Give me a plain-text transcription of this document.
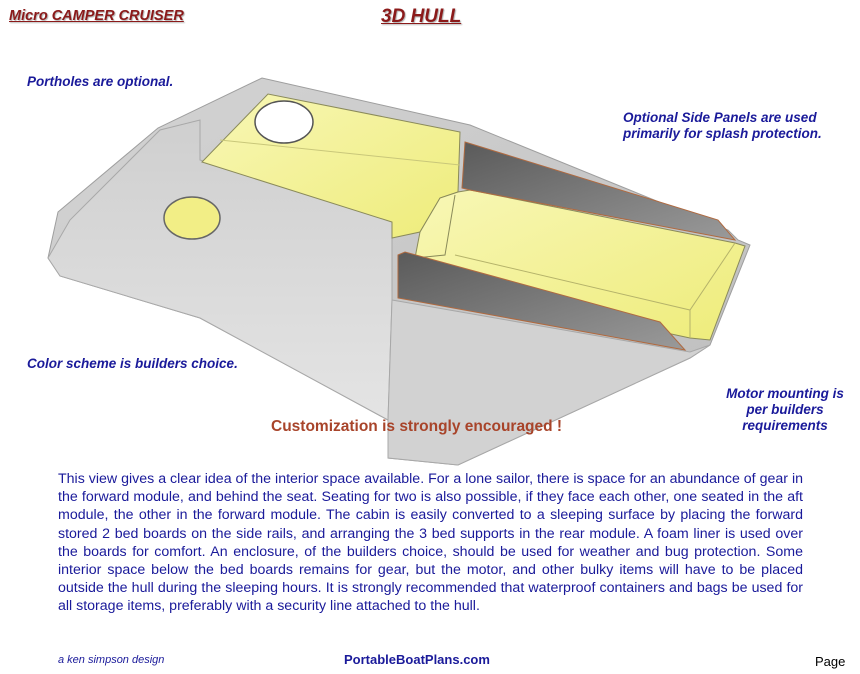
Micro CAMPER CRUISER	3D HULL
Portholes are optional.
Optional Side Panels are used primarily for splash protection.
Color scheme is builders choice.
Motor mounting is per builders requirements
Customization is strongly encouraged !

This view gives a clear idea of the interior space available. For a lone sailor, there is space for an abundance of gear in the forward module, and behind the seat. Seating for two is also possible, if they face each other, one seated in the aft module, the other in the forward module. The cabin is easily converted to a sleeping surface by placing the forward stored 2 bed boards on the side rails, and arranging the 3 bed supports in the rear module. A foam liner is used over the boards for comfort. An enclosure, of the builders choice, should be used for weather and bug protection. Some interior space below the bed boards remains for gear, but the motor, and other bulky items will have to be placed outside the hull during the sleeping hours. It is strongly recommended that waterproof containers and bags be used for all storage items, preferably with a security line attached to the hull.

a ken simpson design	PortableBoatPlans.com	Page
